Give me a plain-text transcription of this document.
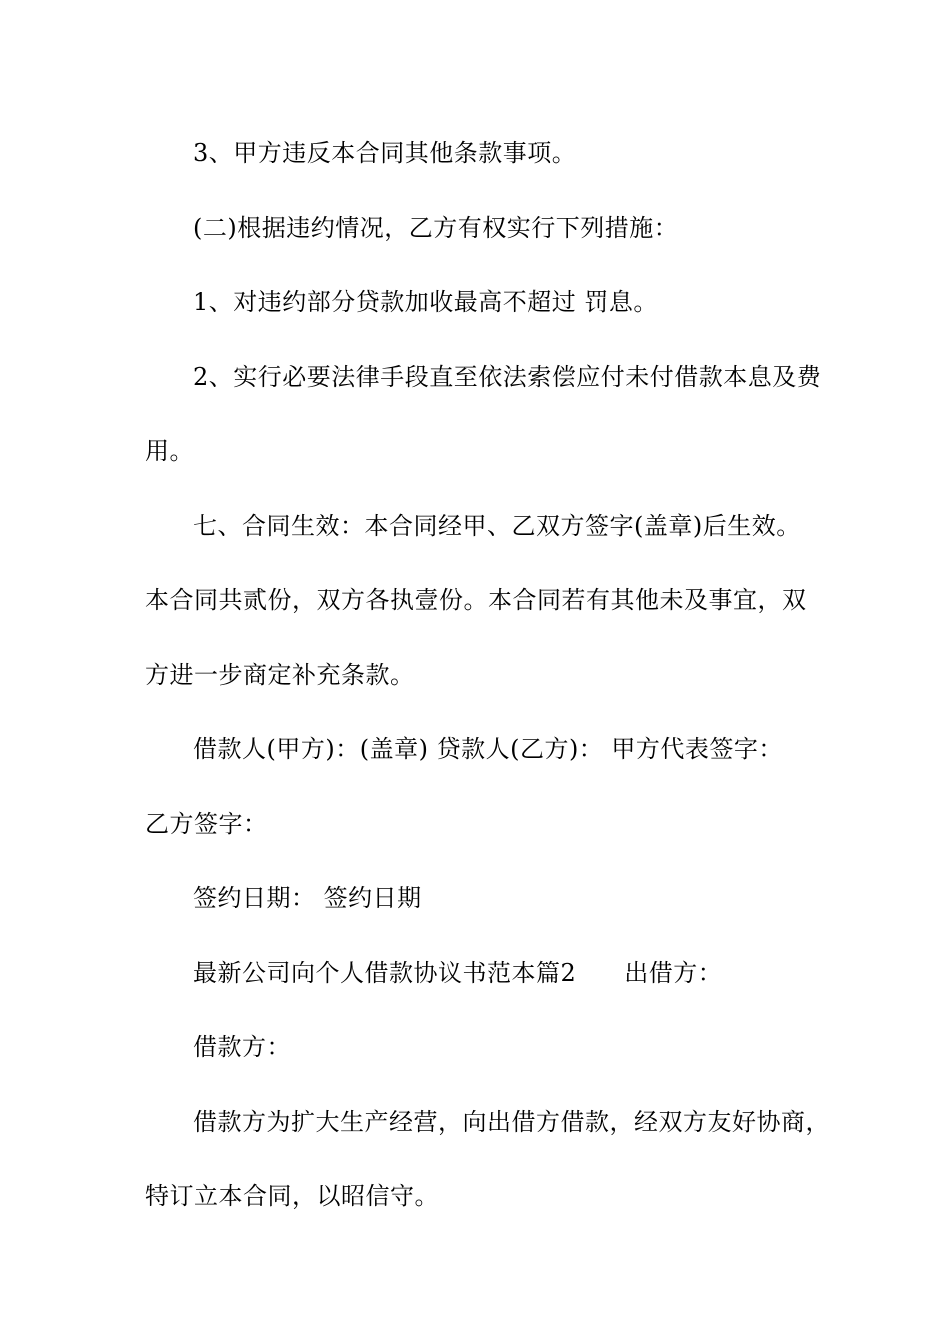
3、甲方违反本合同其他条款事项。
(二)根据违约情况，乙方有权实行下列措施：
1、对违约部分贷款加收最高不超过 罚息。
2、实行必要法律手段直至依法索偿应付未付借款本息及费
用。
七、合同生效：本合同经甲、乙双方签字(盖章)后生效。
本合同共贰份，双方各执壹份。本合同若有其他未及事宜，双
方进一步商定补充条款。
借款人(甲方)：(盖章) 贷款人(乙方)： 甲方代表签字：
乙方签字：
签约日期： 签约日期
最新公司向个人借款协议书范本篇2 出借方：
借款方：
借款方为扩大生产经营，向出借方借款，经双方友好协商，
特订立本合同，以昭信守。
